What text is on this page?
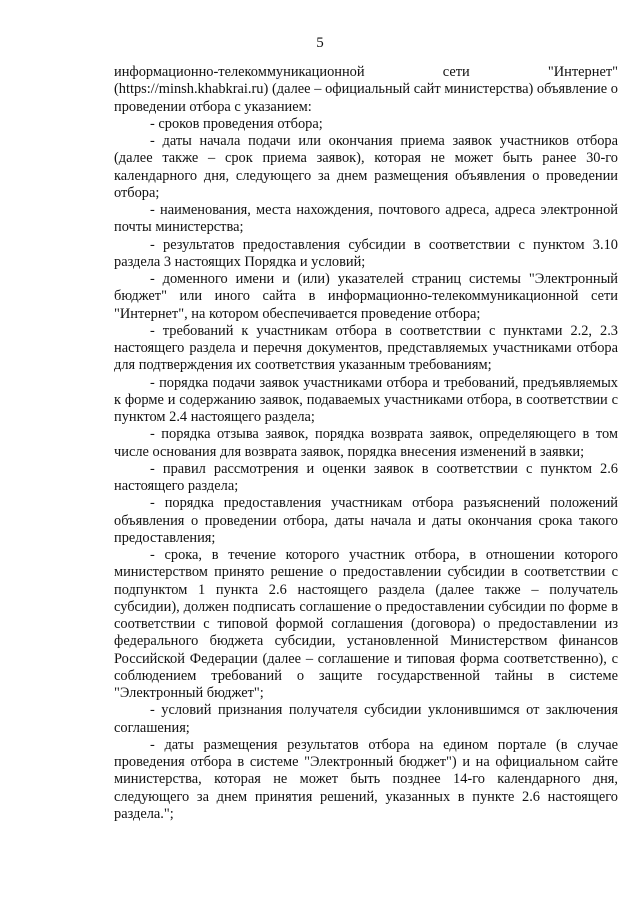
5

информационно-телекоммуникационной сети "Интернет" (https://minsh.khabkrai.ru) (далее – официальный сайт министерства) объявление о проведении отбора с указанием:

- сроков проведения отбора;

- даты начала подачи или окончания приема заявок участников отбора (далее также – срок приема заявок), которая не может быть ранее 30-го календарного дня, следующего за днем размещения объявления о проведении отбора;

- наименования, места нахождения, почтового адреса, адреса электронной почты министерства;

- результатов предоставления субсидии в соответствии с пунктом 3.10 раздела 3 настоящих Порядка и условий;

- доменного имени и (или) указателей страниц системы "Электронный бюджет" или иного сайта в информационно-телекоммуникационной сети "Интернет", на котором обеспечивается проведение отбора;

- требований к участникам отбора в соответствии с пунктами 2.2, 2.3 настоящего раздела и перечня документов, представляемых участниками отбора для подтверждения их соответствия указанным требованиям;

- порядка подачи заявок участниками отбора и требований, предъявляемых к форме и содержанию заявок, подаваемых участниками отбора, в соответствии с пунктом 2.4 настоящего раздела;

- порядка отзыва заявок, порядка возврата заявок, определяющего в том числе основания для возврата заявок, порядка внесения изменений в заявки;

- правил рассмотрения и оценки заявок в соответствии с пунктом 2.6 настоящего раздела;

- порядка предоставления участникам отбора разъяснений положений объявления о проведении отбора, даты начала и даты окончания срока такого предоставления;

- срока, в течение которого участник отбора, в отношении которого министерством принято решение о предоставлении субсидии в соответствии с подпунктом 1 пункта 2.6 настоящего раздела (далее также – получатель субсидии), должен подписать соглашение о предоставлении субсидии по форме в соответствии с типовой формой соглашения (договора) о предоставлении из федерального бюджета субсидии, установленной Министерством финансов Российской Федерации (далее – соглашение и типовая форма соответственно), с соблюдением требований о защите государственной тайны в системе "Электронный бюджет";

- условий признания получателя субсидии уклонившимся от заключения соглашения;

- даты размещения результатов отбора на едином портале (в случае проведения отбора в системе "Электронный бюджет") и на официальном сайте министерства, которая не может быть позднее 14-го календарного дня, следующего за днем принятия решений, указанных в пункте 2.6 настоящего раздела.";
